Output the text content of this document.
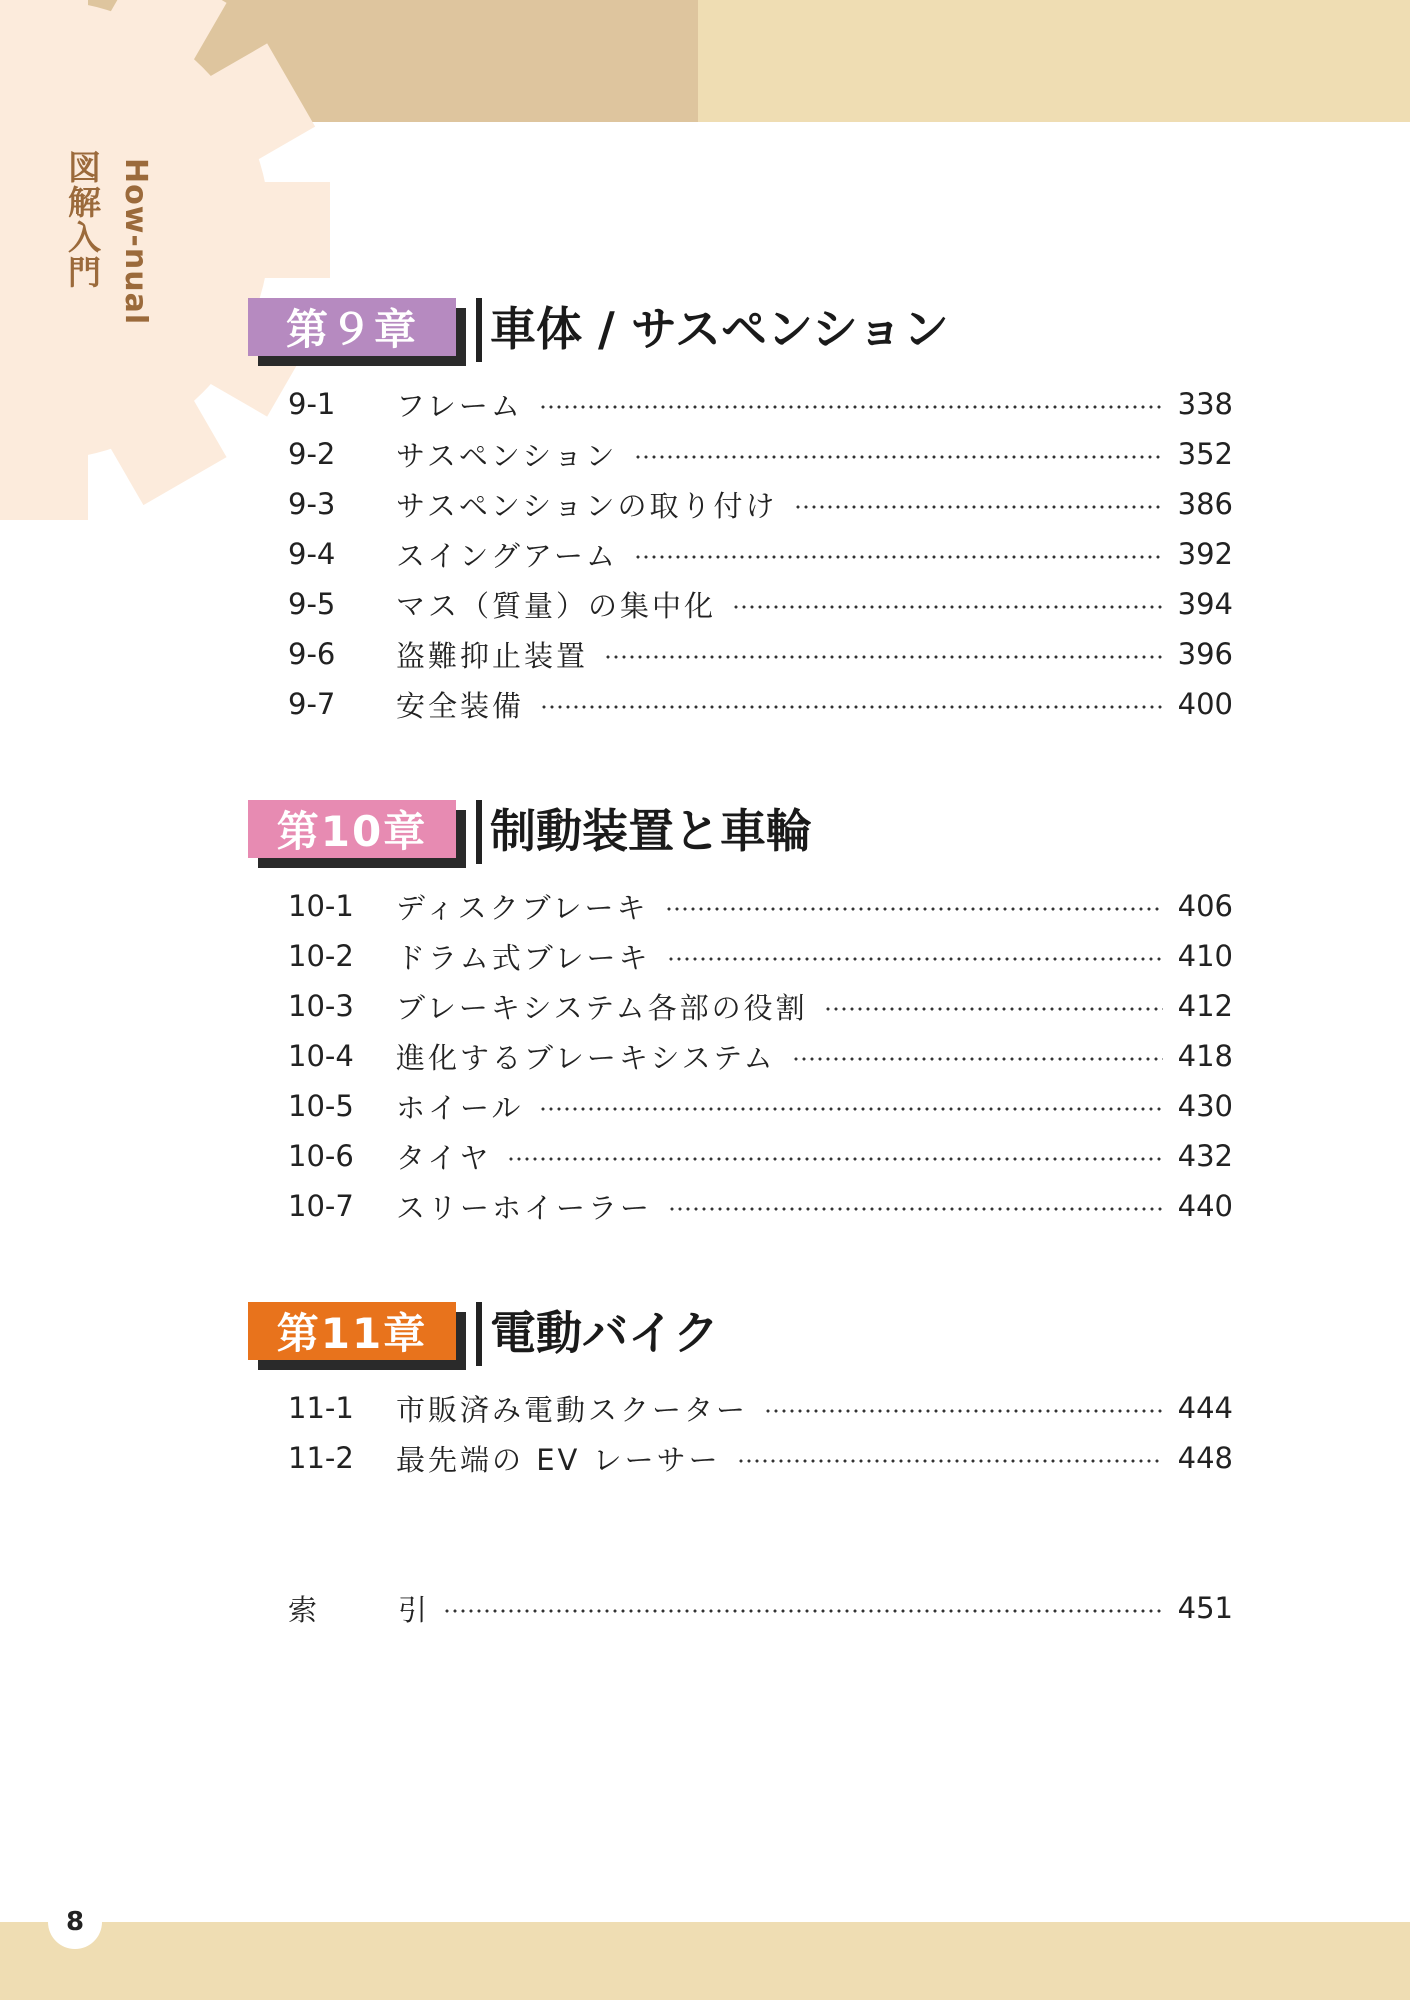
図解入門 How-nual
第９章	車体 / サスペンション
9-1	フレーム	338
9-2	サスペンション	352
9-3	サスペンションの取り付け	386
9-4	スイングアーム	392
9-5	マス（質量）の集中化	394
9-6	盗難抑止装置	396
9-7	安全装備	400
第10章	制動装置と車輪
10-1	ディスクブレーキ	406
10-2	ドラム式ブレーキ	410
10-3	ブレーキシステム各部の役割	412
10-4	進化するブレーキシステム	418
10-5	ホイール	430
10-6	タイヤ	432
10-7	スリーホイーラー	440
第11章	電動バイク
11-1	市販済み電動スクーター	444
11-2	最先端の EV レーサー	448
索	引	451
8
